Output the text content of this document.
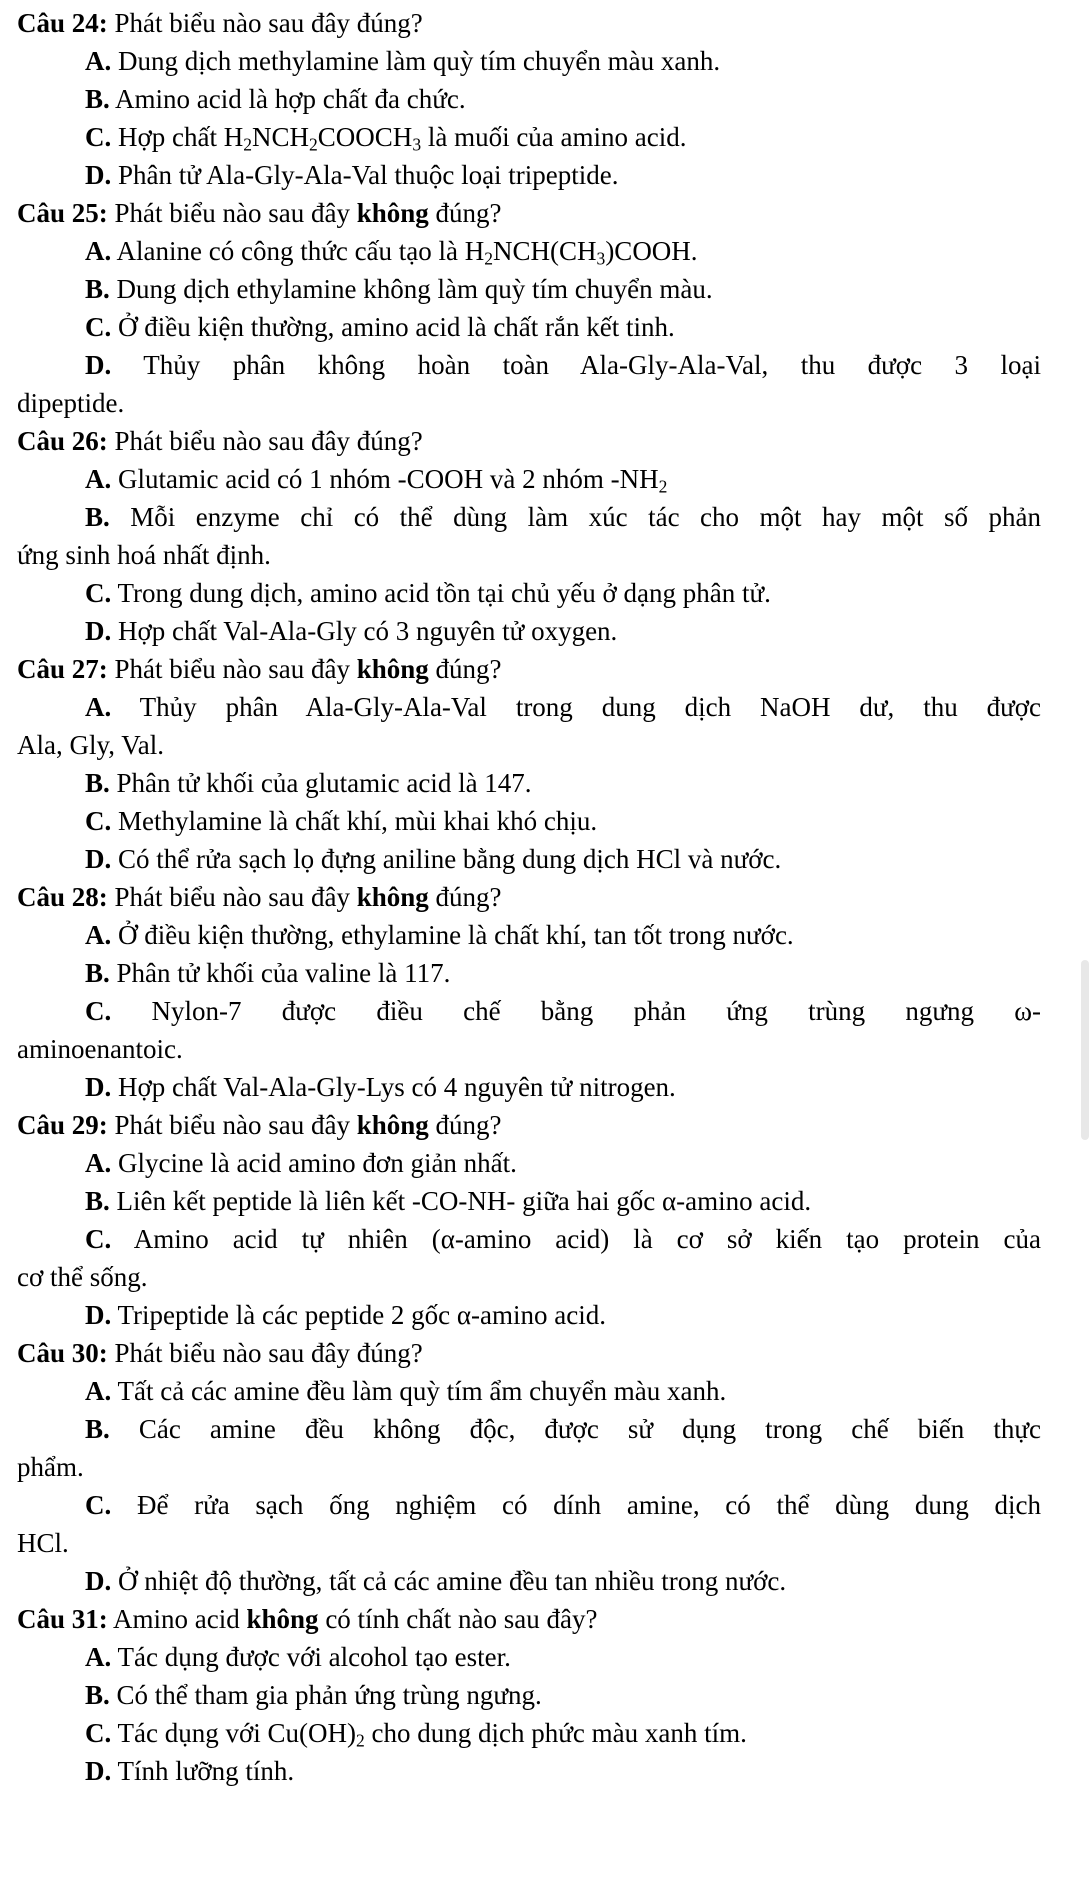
Câu 24: Phát biểu nào sau đây đúng?
A. Dung dịch methylamine làm quỳ tím chuyển màu xanh.
B. Amino acid là hợp chất đa chức.
C. Hợp chất $H_2NCH_2COOCH_3$ là muối của amino acid.
D. Phân tử Ala-Gly-Ala-Val thuộc loại tripeptide.
Câu 25: Phát biểu nào sau đây không đúng?
A. Alanine có công thức cấu tạo là $H_2NCH(CH_3)COOH$.
B. Dung dịch ethylamine không làm quỳ tím chuyển màu.
C. Ở điều kiện thường, amino acid là chất rắn kết tinh.
D. Thủy phân không hoàn toàn Ala-Gly-Ala-Val, thu được 3 loại
dipeptide.
Câu 26: Phát biểu nào sau đây đúng?
A. Glutamic acid có 1 nhóm -COOH và 2 nhóm $-NH_2$
B. Mỗi enzyme chỉ có thể dùng làm xúc tác cho một hay một số phản
ứng sinh hoá nhất định.
C. Trong dung dịch, amino acid tồn tại chủ yếu ở dạng phân tử.
D. Hợp chất Val-Ala-Gly có 3 nguyên tử oxygen.
Câu 27: Phát biểu nào sau đây không đúng?
A. Thủy phân Ala-Gly-Ala-Val trong dung dịch NaOH dư, thu được
Ala, Gly, Val.
B. Phân tử khối của glutamic acid là 147.
C. Methylamine là chất khí, mùi khai khó chịu.
D. Có thể rửa sạch lọ đựng aniline bằng dung dịch HCl và nước.
Câu 28: Phát biểu nào sau đây không đúng?
A. Ở điều kiện thường, ethylamine là chất khí, tan tốt trong nước.
B. Phân tử khối của valine là 117.
C. Nylon-7 được điều chế bằng phản ứng trùng ngưng ω-
aminoenantoic.
D. Hợp chất Val-Ala-Gly-Lys có 4 nguyên tử nitrogen.
Câu 29: Phát biểu nào sau đây không đúng?
A. Glycine là acid amino đơn giản nhất.
B. Liên kết peptide là liên kết -CO-NH- giữa hai gốc α-amino acid.
C. Amino acid tự nhiên (α-amino acid) là cơ sở kiến tạo protein của
cơ thể sống.
D. Tripeptide là các peptide 2 gốc α-amino acid.
Câu 30: Phát biểu nào sau đây đúng?
A. Tất cả các amine đều làm quỳ tím ẩm chuyển màu xanh.
B. Các amine đều không độc, được sử dụng trong chế biến thực
phẩm.
C. Để rửa sạch ống nghiệm có dính amine, có thể dùng dung dịch
HCl.
D. Ở nhiệt độ thường, tất cả các amine đều tan nhiều trong nước.
Câu 31: Amino acid không có tính chất nào sau đây?
A. Tác dụng được với alcohol tạo ester.
B. Có thể tham gia phản ứng trùng ngưng.
C. Tác dụng với $Cu(OH)_2$ cho dung dịch phức màu xanh tím.
D. Tính lưỡng tính.
